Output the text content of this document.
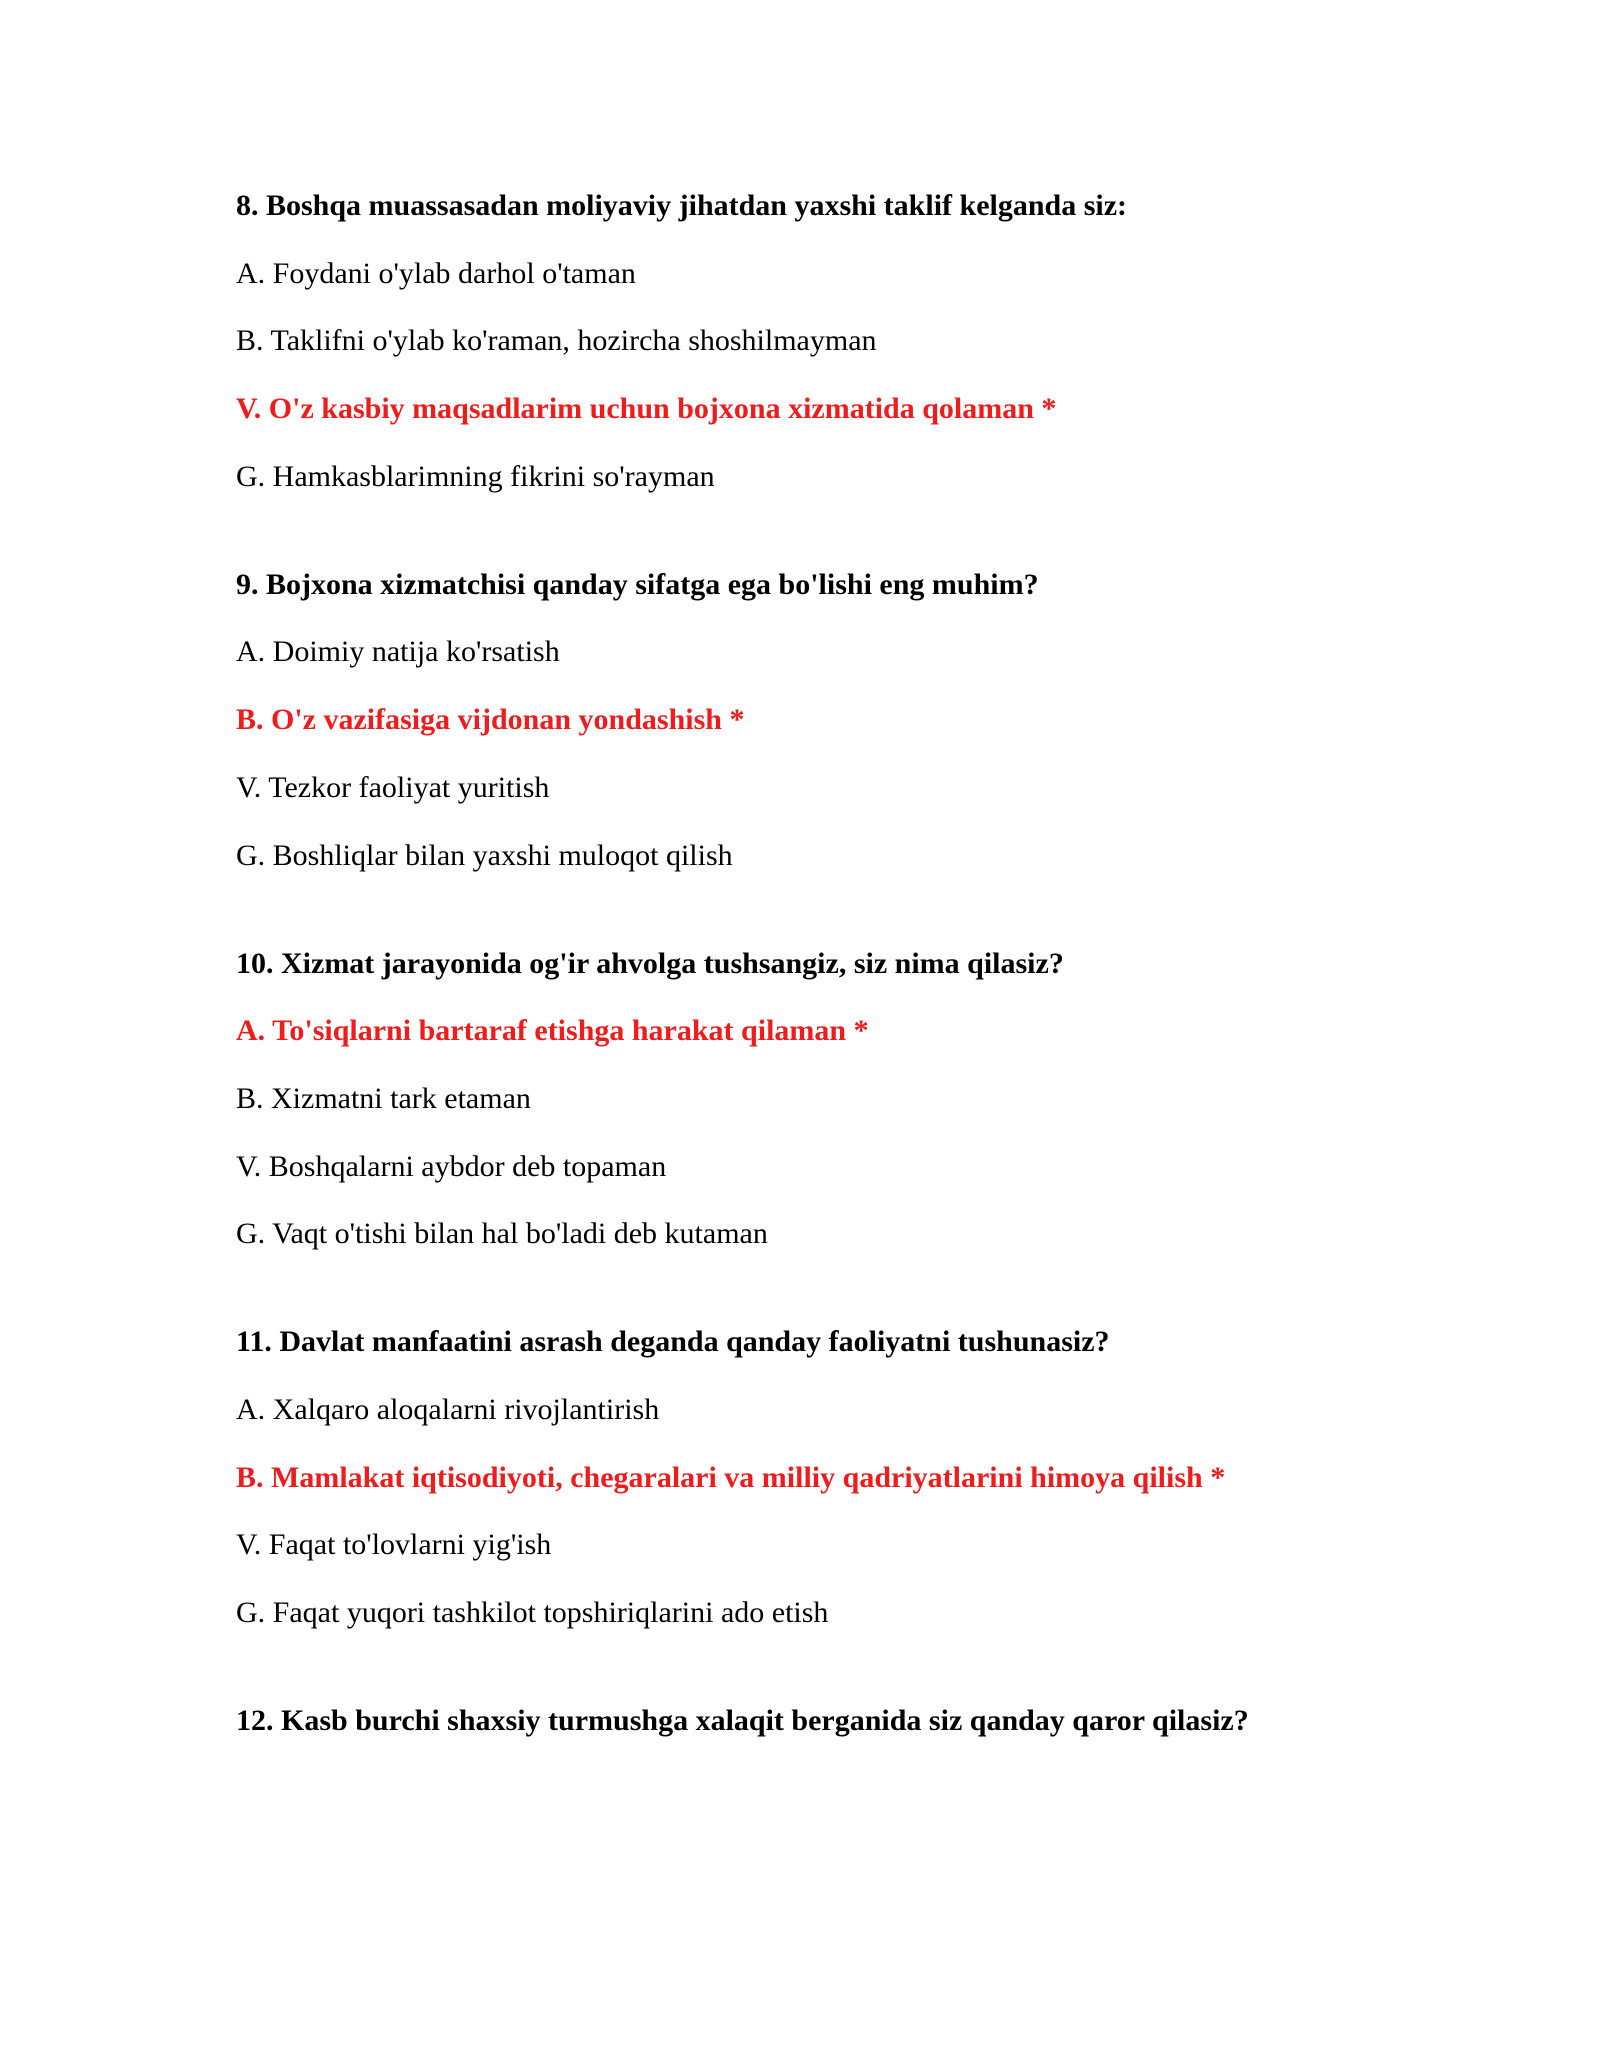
8. Boshqa muassasadan moliyaviy jihatdan yaxshi taklif kelganda siz:
A. Foydani o'ylab darhol o'taman
B. Taklifni o'ylab ko'raman, hozircha shoshilmayman
V. O'z kasbiy maqsadlarim uchun bojxona xizmatida qolaman *
G. Hamkasblarimning fikrini so'rayman
9. Bojxona xizmatchisi qanday sifatga ega bo'lishi eng muhim?
A. Doimiy natija ko'rsatish
B. O'z vazifasiga vijdonan yondashish *
V. Tezkor faoliyat yuritish
G. Boshliqlar bilan yaxshi muloqot qilish
10. Xizmat jarayonida og'ir ahvolga tushsangiz, siz nima qilasiz?
A. To'siqlarni bartaraf etishga harakat qilaman *
B. Xizmatni tark etaman
V. Boshqalarni aybdor deb topaman
G. Vaqt o'tishi bilan hal bo'ladi deb kutaman
11. Davlat manfaatini asrash deganda qanday faoliyatni tushunasiz?
A. Xalqaro aloqalarni rivojlantirish
B. Mamlakat iqtisodiyoti, chegaralari va milliy qadriyatlarini himoya qilish *
V. Faqat to'lovlarni yig'ish
G. Faqat yuqori tashkilot topshiriqlarini ado etish
12. Kasb burchi shaxsiy turmushga xalaqit berganida siz qanday qaror qilasiz?
